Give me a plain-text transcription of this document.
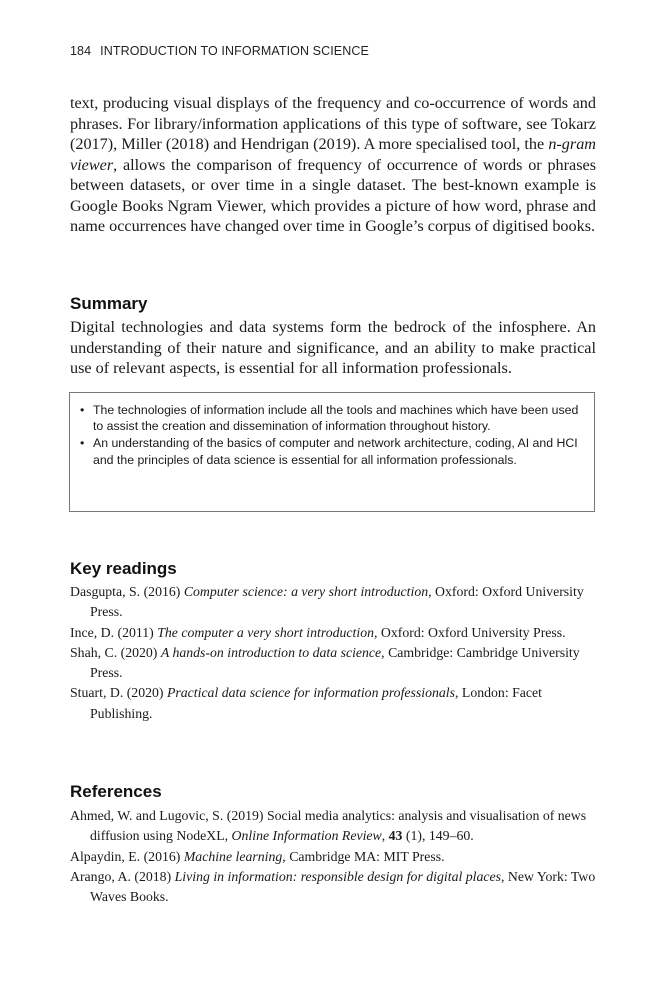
184 INTRODUCTION TO INFORMATION SCIENCE

text, producing visual displays of the frequency and co-occurrence of words and phrases. For library/information applications of this type of software, see Tokarz (2017), Miller (2018) and Hendrigan (2019). A more specialised tool, the n-gram viewer, allows the comparison of frequency of occurrence of words or phrases between datasets, or over time in a single dataset. The best-known example is Google Books Ngram Viewer, which provides a picture of how word, phrase and name occurrences have changed over time in Google’s corpus of digitised books.

Summary

Digital technologies and data systems form the bedrock of the infosphere. An understanding of their nature and significance, and an ability to make practical use of relevant aspects, is essential for all information professionals.

• The technologies of information include all the tools and machines which have been used to assist the creation and dissemination of information throughout history.
• An understanding of the basics of computer and network architecture, coding, AI and HCI and the principles of data science is essential for all information professionals.
Key readings
Dasgupta, S. (2016) Computer science: a very short introduction, Oxford: Oxford University Press.
Ince, D. (2011) The computer a very short introduction, Oxford: Oxford University Press.
Shah, C. (2020) A hands-on introduction to data science, Cambridge: Cambridge University Press.
Stuart, D. (2020) Practical data science for information professionals, London: Facet Publishing.
References
Ahmed, W. and Lugovic, S. (2019) Social media analytics: analysis and visualisation of news diffusion using NodeXL, Online Information Review, 43 (1), 149–60.
Alpaydin, E. (2016) Machine learning, Cambridge MA: MIT Press.
Arango, A. (2018) Living in information: responsible design for digital places, New York: Two Waves Books.
